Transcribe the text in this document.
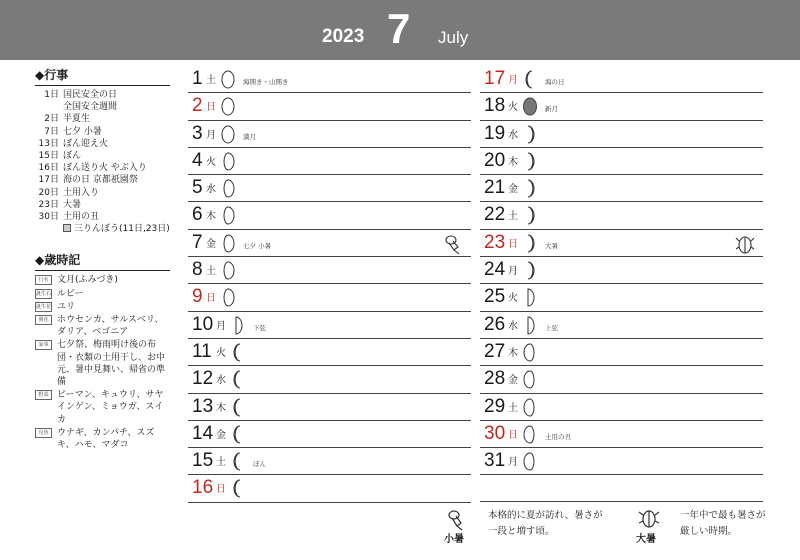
2023 7 July
◆行事
1日 国民安全の日
全国安全週間
2日 半夏生
7日 七夕 小暑
13日 ぼん迎え火
15日 ぼん
16日 ぼん送り火 やぶ入り
17日 海の日 京都祇園祭
20日 土用入り
23日 大暑
30日 土用の丑
三りんぼう(11日,23日)
◆歳時記
行名 文月(ふみづき)
誕生石 ルビー
誕生花 ユリ
開花 ホウセンカ、サルスベリ、ダリア、ベゴニア
家事 七夕祭、梅雨明け後の布団・衣類の土用干し、お中元、暑中見舞い、帰省の準備
野菜 ピーマン、キュウリ、サヤインゲン、ミョウガ、スイカ
旬魚 ウナギ、カンパチ、スズキ、ハモ、マダコ
1 土	海開き・山開き
2 日
3 月	満月
4 火
5 水
6 木
7 金	七夕 小暑
8 土
9 日
10 月	下弦
11 火
12 水
13 木
14 金
15 土	ぼん
16 日
17 月	海の日
18 火	新月
19 水
20 木
21 金
22 土
23 日	大暑
24 月
25 火
26 水	上弦
27 木
28 金
29 土
30 日	土用の丑
31 月
小暑
本格的に夏が訪れ、暑さが
一段と増す頃。
大暑
一年中で最も暑さが
厳しい時期。
